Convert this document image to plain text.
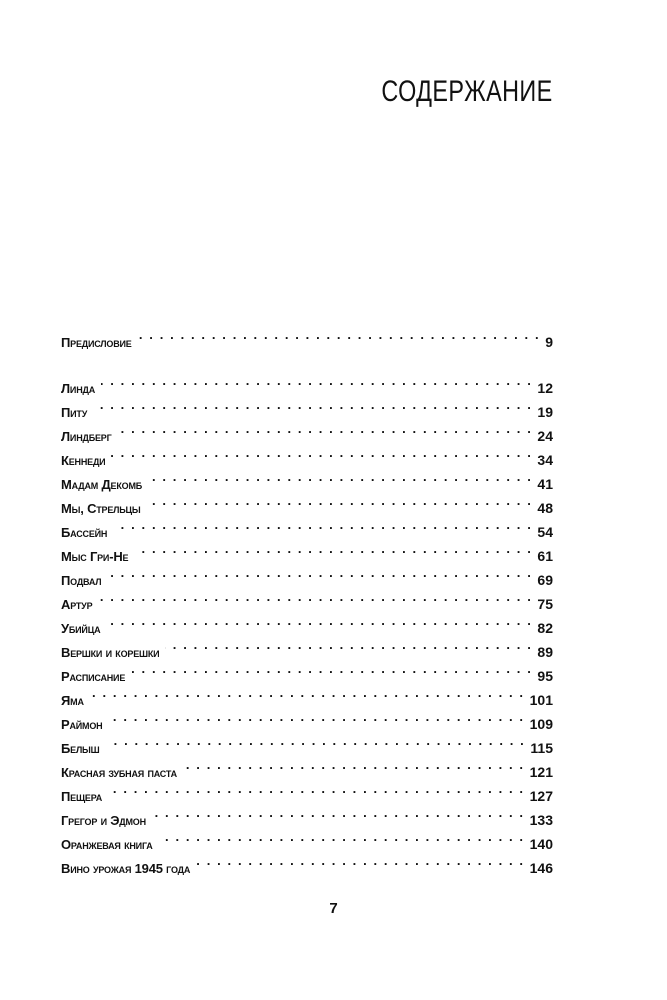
СОДЕРЖАНИЕ
Предисловие . . .	9
Линда . . .	12
Питу . . .	19
Линдберг . . .	24
Кеннеди . . .	34
Мадам Декомб . . .	41
Мы, Стрельцы . . .	48
Бассейн . . .	54
Мыс Гри-Не . . .	61
Подвал . . .	69
Артур . . .	75
Убийца . . .	82
Вершки и корешки . . .	89
Расписание . . .	95
Яма . . .	101
Раймон . . .	109
Белыш . . .	115
Красная зубная паста . . .	121
Пещера . . .	127
Грегор и Эдмон . . .	133
Оранжевая книга . . .	140
Вино урожая 1945 года . . .	146

7
